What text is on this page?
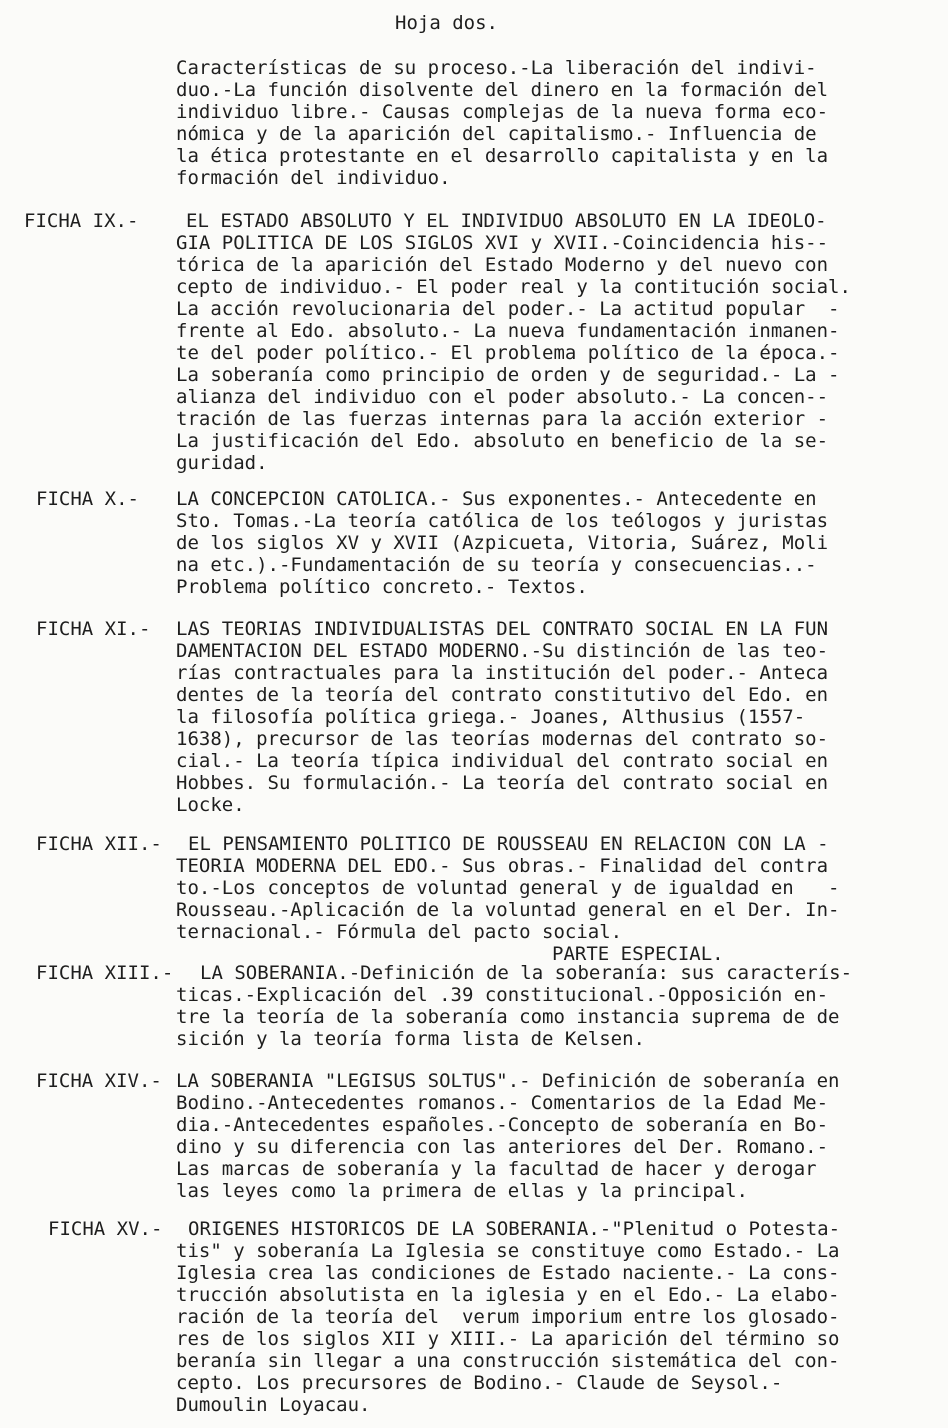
Hoja dos.
Características de su proceso.-La liberación del indivi-
duo.-La función disolvente del dinero en la formación del
individuo libre.- Causas complejas de la nueva forma eco-
nómica y de la aparición del capitalismo.- Influencia de
la ética protestante en el desarrollo capitalista y en la
formación del individuo.
FICHA IX.-	EL ESTADO ABSOLUTO Y EL INDIVIDUO ABSOLUTO EN LA IDEOLO-
GIA POLITICA DE LOS SIGLOS XVI y XVII.-Coincidencia his--
tórica de la aparición del Estado Moderno y del nuevo con
cepto de individuo.- El poder real y la contitución social.
La acción revolucionaria del poder.- La actitud popular  -
frente al Edo. absoluto.- La nueva fundamentación inmanen-
te del poder político.- El problema político de la época.-
La soberanía como principio de orden y de seguridad.- La -
alianza del individuo con el poder absoluto.- La concen--
tración de las fuerzas internas para la acción exterior -
La justificación del Edo. absoluto en beneficio de la se-
guridad.
FICHA X.- LA CONCEPCION CATOLICA.- Sus exponentes.- Antecedente en
Sto. Tomas.-La teoría católica de los teólogos y juristas
de los siglos XV y XVII (Azpicueta, Vitoria, Suárez, Moli
na etc.).-Fundamentación de su teoría y consecuencias..-
Problema político concreto.- Textos.
FICHA XI.- LAS TEORIAS INDIVIDUALISTAS DEL CONTRATO SOCIAL EN LA FUN
DAMENTACION DEL ESTADO MODERNO.-Su distinción de las teo-
rías contractuales para la institución del poder.- Anteca
dentes de la teoría del contrato constitutivo del Edo. en
la filosofía política griega.- Joanes, Althusius (1557-
1638), precursor de las teorías modernas del contrato so-
cial.- La teoría típica individual del contrato social en
Hobbes. Su formulación.- La teoría del contrato social en
Locke.
FICHA XII.- EL PENSAMIENTO POLITICO DE ROUSSEAU EN RELACION CON LA -
TEORIA MODERNA DEL EDO.- Sus obras.- Finalidad del contra
to.-Los conceptos de voluntad general y de igualdad en   -
Rousseau.-Aplicación de la voluntad general en el Der. In-
ternacional.- Fórmula del pacto social.
PARTE ESPECIAL.
FICHA XIII.- LA SOBERANIA.-Definición de la soberanía: sus caracterís-
ticas.-Explicación del .39 constitucional.-Opposición en-
tre la teoría de la soberanía como instancia suprema de de
sición y la teoría forma lista de Kelsen.
FICHA XIV.- LA SOBERANIA "LEGISUS SOLTUS".- Definición de soberanía en
Bodino.-Antecedentes romanos.- Comentarios de la Edad Me-
dia.-Antecedentes españoles.-Concepto de soberanía en Bo-
dino y su diferencia con las anteriores del Der. Romano.-
Las marcas de soberanía y la facultad de hacer y derogar
las leyes como la primera de ellas y la principal.
FICHA XV.- ORIGENES HISTORICOS DE LA SOBERANIA.-"Plenitud o Potesta-
tis" y soberanía La Iglesia se constituye como Estado.- La
Iglesia crea las condiciones de Estado naciente.- La cons-
trucción absolutista en la iglesia y en el Edo.- La elabo-
ración de la teoría del  verum imporium entre los glosado-
res de los siglos XII y XIII.- La aparición del término so
beranía sin llegar a una construcción sistemática del con-
cepto. Los precursores de Bodino.- Claude de Seysol.-
Dumoulin Loyacau.
